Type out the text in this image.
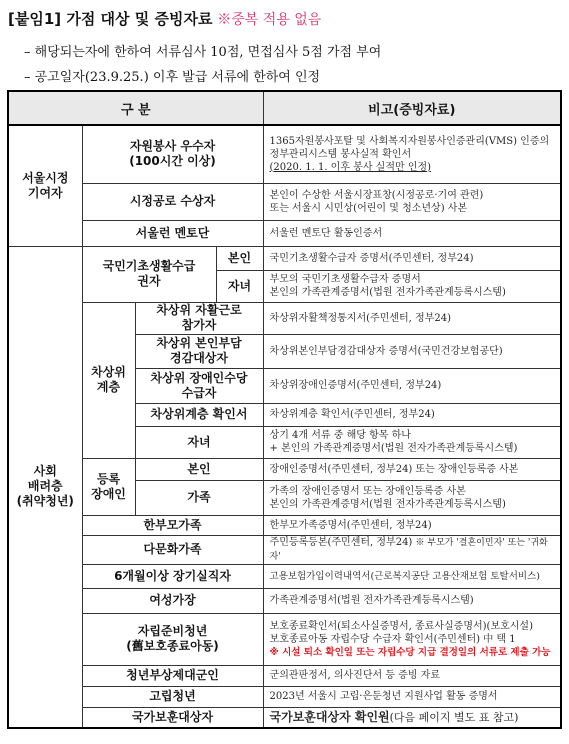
[붙임1] 가점 대상 및 증빙자료 ※중복 적용 없음
– 해당되는자에 한하여 서류심사 10점, 면접심사 5점 가점 부여
– 공고일자(23.9.25.) 이후 발급 서류에 한하여 인정
구 분				비고(증빙자료)
서울시정
기여자	자원봉사 우수자
(100시간 이상)			1365자원봉사포탈 및 사회복지자원봉사인증관리(VMS) 인증의 정부관리시스템 봉사실적 확인서
(2020. 1. 1. 이후 봉사 실적만 인정)
	시정공로 수상자			본인이 수상한 서울시장표창(시정공로·기여 관련)
또는 서울시 시민상(어린이 및 청소년상) 사본
	서울런 멘토단			서울런 멘토단 활동인증서
사회
배려층
(취약청년)	국민기초생활수급
권자		본인	국민기초생활수급자 증명서(주민센터, 정부24)
			자녀	부모의 국민기초생활수급자 증명서
본인의 가족관계증명서(법원 전자가족관계등록시스템)
	차상위
계층	차상위 자활근로
참가자		차상위자활책정통지서(주민센터, 정부24)
		차상위 본인부담
경감대상자		차상위본인부담경감대상자 증명서(국민건강보험공단)
		차상위 장애인수당
수급자		차상위장애인증명서(주민센터, 정부24)
		차상위계층 확인서		차상위계층 확인서(주민센터, 정부24)
		자녀		상기 4개 서류 중 해당 항목 하나
+ 본인의 가족관계증명서(법원 전자가족관계등록시스템)
	등록
장애인	본인		장애인증명서(주민센터, 정부24) 또는 장애인등록증 사본
		가족		가족의 장애인증명서 또는 장애인등록증 사본
본인의 가족관계증명서(법원 전자가족관계등록시스템)
	한부모가족			한부모가족증명서(주민센터, 정부24)
	다문화가족			주민등록등본(주민센터, 정부24) ※ 부모가 '결혼이민자' 또는 '귀화자'
	6개월이상 장기실직자			고용보험가입이력내역서(근로복지공단 고용산재보험 토탈서비스)
	여성가장			가족관계증명서(법원 전자가족관계등록시스템)
	자립준비청년
(舊보호종료아동)			보호종료확인서(퇴소사실증명서, 종료사실증명서)(보호시설)
보호종료아동 자립수당 수급자 확인서(주민센터) 中 택 1
※ 시설 퇴소 확인일 또는 자립수당 지급 결정일의 서류로 제출 가능
	청년부상제대군인			군의관판정서, 의사진단서 등 증빙 자료
	고립청년			2023년 서울시 고립·은둔청년 지원사업 활동 증명서
	국가보훈대상자			국가보훈대상자 확인원(다음 페이지 별도 표 참고)
